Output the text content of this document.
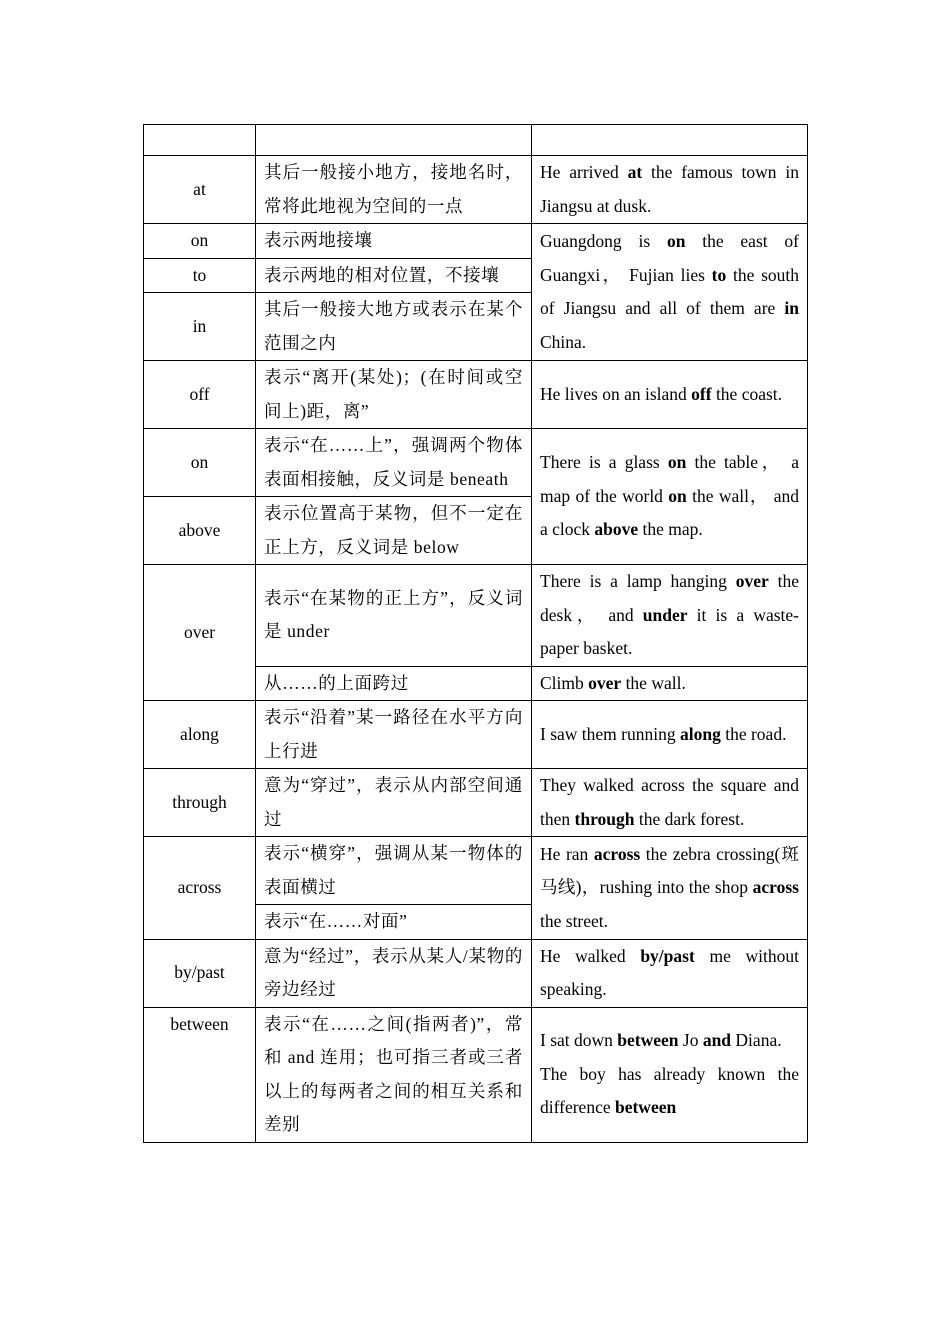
at	其后一般接小地方，接地名时，常将此地视为空间的一点	He arrived at the famous town in Jiangsu at dusk.
on	表示两地接壤	Guangdong is on the east of Guangxi， Fujian lies to the south of Jiangsu and all of them are in China.
to	表示两地的相对位置，不接壤	
in	其后一般接大地方或表示在某个范围之内	
off	表示“离开(某处)；(在时间或空间上)距，离”	He lives on an island off the coast.
on	表示“在……上”，强调两个物体表面相接触，反义词是 beneath	There is a glass on the table， a map of the world on the wall， and a clock above the map.
above	表示位置高于某物，但不一定在正上方，反义词是 below	
over	表示“在某物的正上方”，反义词是 under	There is a lamp hanging over the desk， and under it is a waste-paper basket.
	从……的上面跨过	Climb over the wall.
along	表示“沿着”某一路径在水平方向上行进	I saw them running along the road.
through	意为“穿过”，表示从内部空间通过	They walked across the square and then through the dark forest.
across	表示“横穿”，强调从某一物体的表面横过	He ran across the zebra crossing(斑马线)，rushing into the shop across the street.
	表示“在……对面”	
by/past	意为“经过”，表示从某人/某物的旁边经过	He walked by/past me without speaking.
between	表示“在……之间(指两者)”，常和 and 连用；也可指三者或三者以上的每两者之间的相互关系和差别	I sat down between Jo and Diana.
The boy has already known the difference between
